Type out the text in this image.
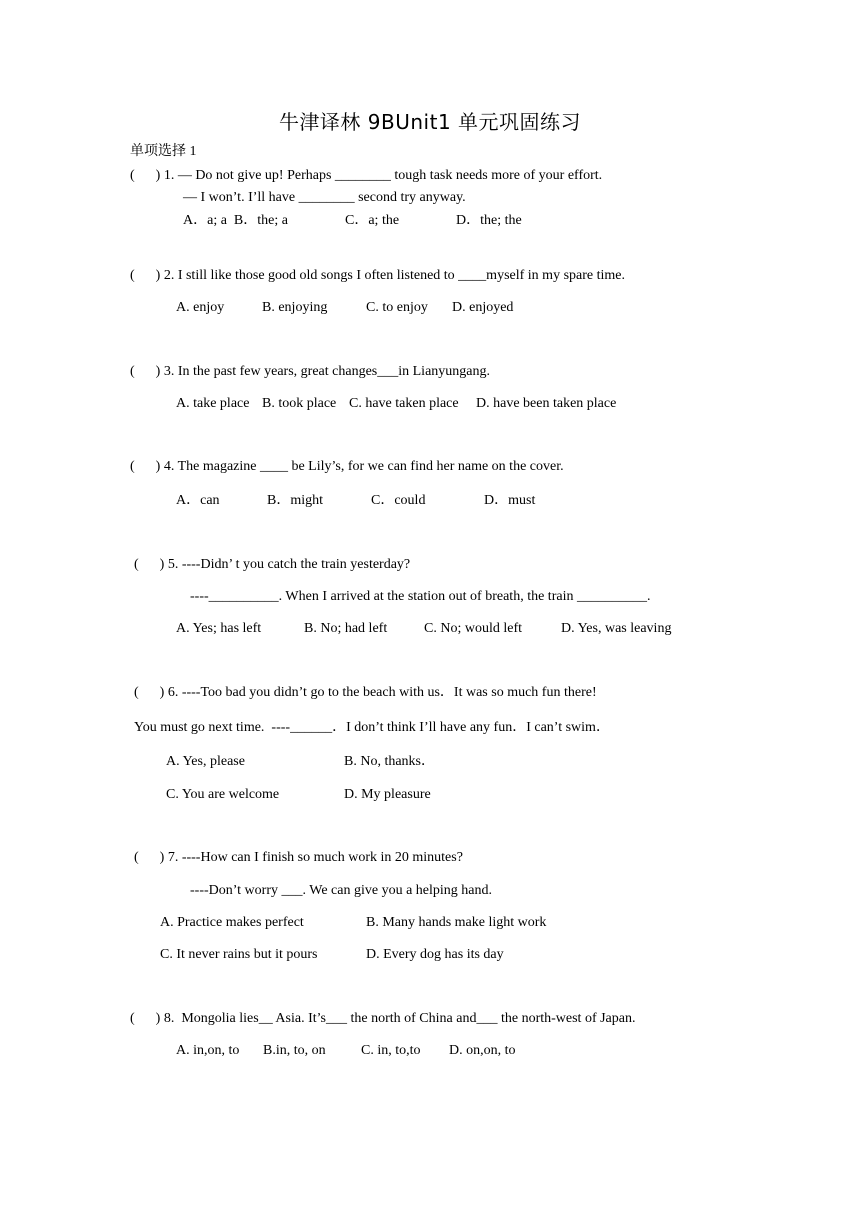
牛津译林 9BUnit1 单元巩固练习
单项选择 1
(      ) 1. — Do not give up! Perhaps ________ tough task needs more of your effort.
— I won’t. I’ll have ________ second try anyway.
A．a; a  B．the; a	C．a; the	D．the; the
(      ) 2. I still like those good old songs I often listened to ____myself in my spare time.
A. enjoy	B. enjoying	C. to enjoy D. enjoyed
(      ) 3. In the past few years, great changes___in Lianyungang.
A. take place B. took place C. have taken place D. have been taken place
(      ) 4. The magazine ____ be Lily’s, for we can find her name on the cover.
A．can	B．might	C．could	D．must
(      ) 5. ----Didn’ t you catch the train yesterday?
----__________. When I arrived at the station out of breath, the train __________.
A. Yes; has left	B. No; had left	C. No; would left	D. Yes, was leaving
(      ) 6. ----Too bad you didn’t go to the beach with us．It was so much fun there!
You must go next time.  ----______．I don’t think I’ll have any fun．I can’t swim．
A. Yes, please	B. No, thanks．
C. You are welcome	D. My pleasure
(      ) 7. ----How can I finish so much work in 20 minutes?
----Don’t worry ___. We can give you a helping hand.
A. Practice makes perfect	B. Many hands make light work
C. It never rains but it pours	D. Every dog has its day
(      ) 8.  Mongolia lies__ Asia. It’s___ the north of China and___ the north-west of Japan.
A. in,on, to B.in, to, on	C. in, to,to D. on,on, to
